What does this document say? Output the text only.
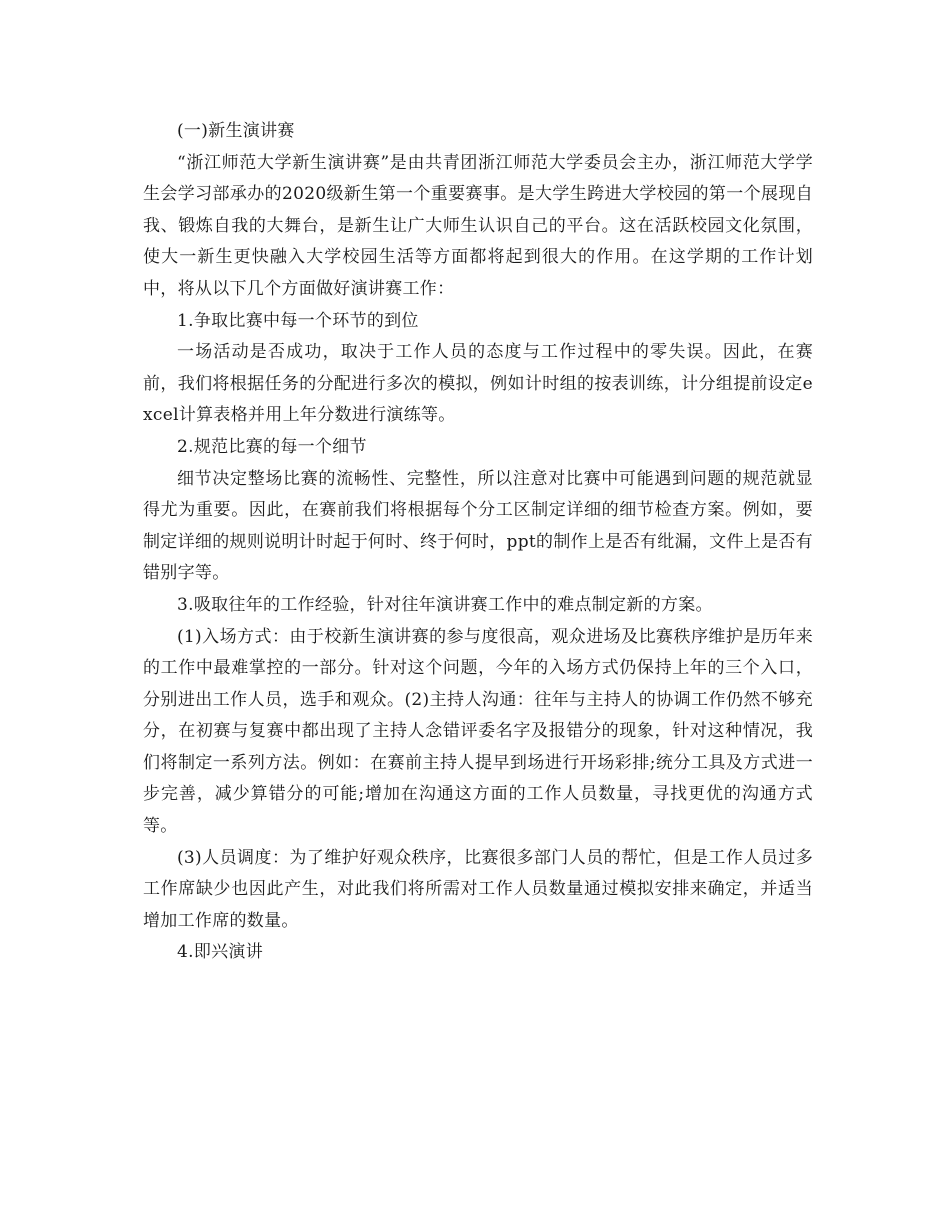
(一)新生演讲赛

“浙江师范大学新生演讲赛”是由共青团浙江师范大学委员会主办，浙江师范大学学生会学习部承办的2020级新生第一个重要赛事。是大学生跨进大学校园的第一个展现自我、锻炼自我的大舞台，是新生让广大师生认识自己的平台。这在活跃校园文化氛围，使大一新生更快融入大学校园生活等方面都将起到很大的作用。在这学期的工作计划中，将从以下几个方面做好演讲赛工作：

1.争取比赛中每一个环节的到位

一场活动是否成功，取决于工作人员的态度与工作过程中的零失误。因此，在赛前，我们将根据任务的分配进行多次的模拟，例如计时组的按表训练，计分组提前设定excel计算表格并用上年分数进行演练等。

2.规范比赛的每一个细节

细节决定整场比赛的流畅性、完整性，所以注意对比赛中可能遇到问题的规范就显得尤为重要。因此，在赛前我们将根据每个分工区制定详细的细节检查方案。例如，要制定详细的规则说明计时起于何时、终于何时，ppt的制作上是否有纰漏，文件上是否有错别字等。

3.吸取往年的工作经验，针对往年演讲赛工作中的难点制定新的方案。

(1)入场方式：由于校新生演讲赛的参与度很高，观众进场及比赛秩序维护是历年来的工作中最难掌控的一部分。针对这个问题，今年的入场方式仍保持上年的三个入口，分别进出工作人员，选手和观众。(2)主持人沟通：往年与主持人的协调工作仍然不够充分，在初赛与复赛中都出现了主持人念错评委名字及报错分的现象，针对这种情况，我们将制定一系列方法。例如：在赛前主持人提早到场进行开场彩排;统分工具及方式进一步完善，减少算错分的可能;增加在沟通这方面的工作人员数量，寻找更优的沟通方式等。

(3)人员调度：为了维护好观众秩序，比赛很多部门人员的帮忙，但是工作人员过多工作席缺少也因此产生，对此我们将所需对工作人员数量通过模拟安排来确定，并适当增加工作席的数量。

4.即兴演讲
